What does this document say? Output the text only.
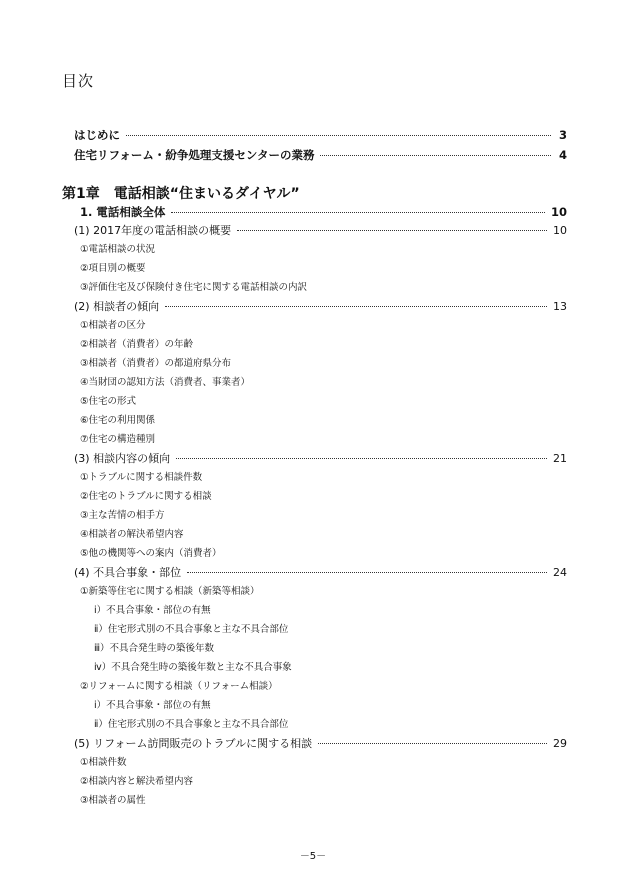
目次
はじめに	3
住宅リフォーム・紛争処理支援センターの業務	4
第1章　電話相談“住まいるダイヤル”
1. 電話相談全体	10
(1) 2017年度の電話相談の概要	10
①電話相談の状況
②項目別の概要
③評価住宅及び保険付き住宅に関する電話相談の内訳
(2) 相談者の傾向	13
①相談者の区分
②相談者（消費者）の年齢
③相談者（消費者）の都道府県分布
④当財団の認知方法（消費者、事業者）
⑤住宅の形式
⑥住宅の利用関係
⑦住宅の構造種別
(3) 相談内容の傾向	21
①トラブルに関する相談件数
②住宅のトラブルに関する相談
③主な苦情の相手方
④相談者の解決希望内容
⑤他の機関等への案内（消費者）
(4) 不具合事象・部位	24
①新築等住宅に関する相談（新築等相談）
ⅰ）不具合事象・部位の有無
ⅱ）住宅形式別の不具合事象と主な不具合部位
ⅲ）不具合発生時の築後年数
ⅳ）不具合発生時の築後年数と主な不具合事象
②リフォームに関する相談（リフォーム相談）
ⅰ）不具合事象・部位の有無
ⅱ）住宅形式別の不具合事象と主な不具合部位
(5) リフォーム訪問販売のトラブルに関する相談	29
①相談件数
②相談内容と解決希望内容
③相談者の属性
－5－
